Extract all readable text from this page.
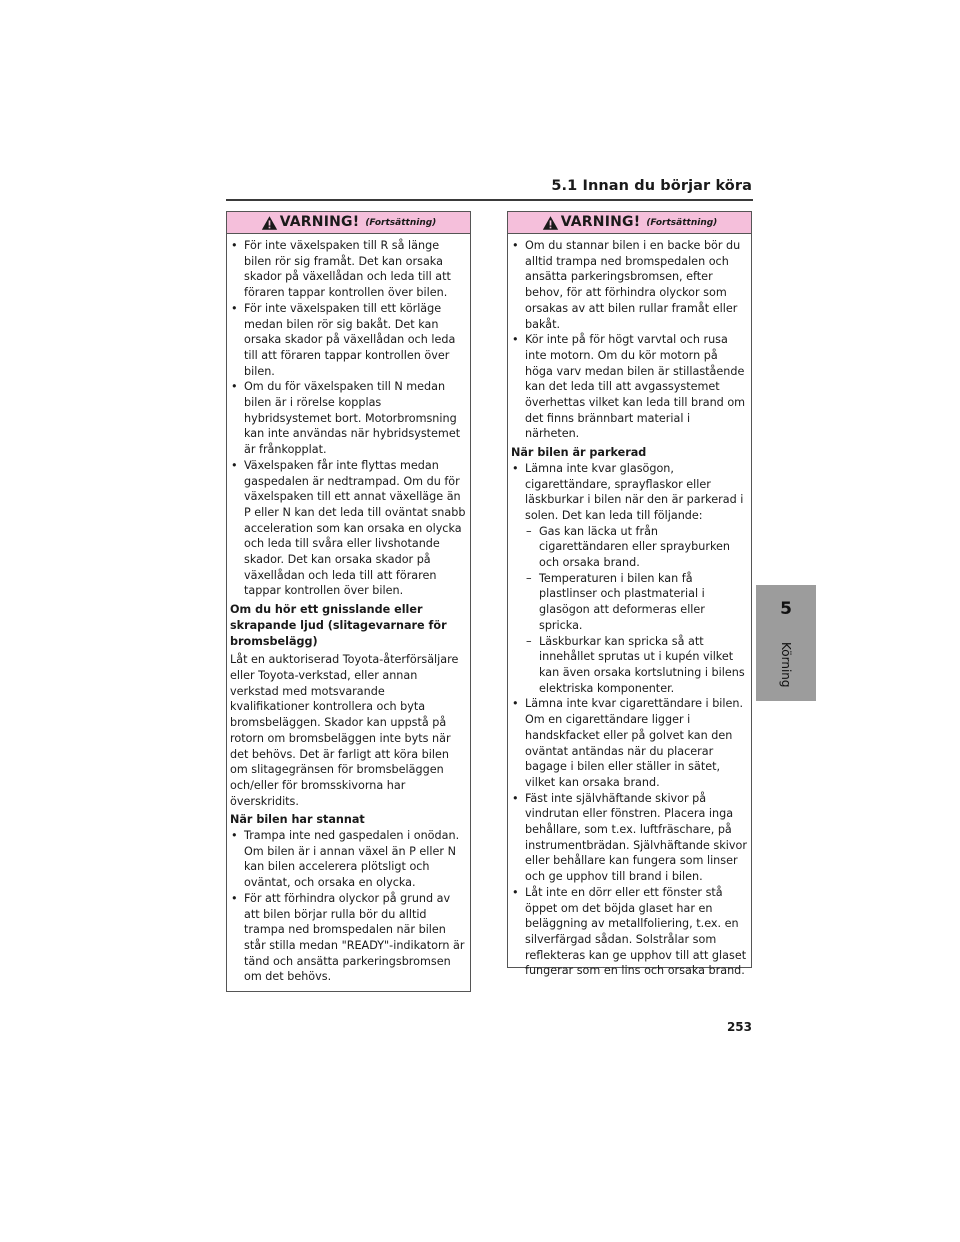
5.1 Innan du börjar köra
5
Körning
VARNING! (Fortsättning)
• För inte växelspaken till R så länge bilen rör sig framåt. Det kan orsaka skador på växellådan och leda till att föraren tappar kontrollen över bilen.
• För inte växelspaken till ett körläge medan bilen rör sig bakåt. Det kan orsaka skador på växellådan och leda till att föraren tappar kontrollen över bilen.
• Om du för växelspaken till N medan bilen är i rörelse kopplas hybridsystemet bort. Motorbromsning kan inte användas när hybridsystemet är frånkopplat.
• Växelspaken får inte flyttas medan gaspedalen är nedtrampad. Om du för växelspaken till ett annat växelläge än P eller N kan det leda till oväntat snabb acceleration som kan orsaka en olycka och leda till svåra eller livshotande skador. Det kan orsaka skador på växellådan och leda till att föraren tappar kontrollen över bilen.
Om du hör ett gnisslande eller skrapande ljud (slitagevarnare för bromsbelägg)
Låt en auktoriserad Toyota-återförsäljare eller Toyota-verkstad, eller annan verkstad med motsvarande kvalifikationer kontrollera och byta bromsbeläggen. Skador kan uppstå på rotorn om bromsbeläggen inte byts när det behövs. Det är farligt att köra bilen om slitagegränsen för bromsbeläggen och/eller för bromsskivorna har överskridits.
När bilen har stannat
• Trampa inte ned gaspedalen i onödan. Om bilen är i annan växel än P eller N kan bilen accelerera plötsligt och oväntat, och orsaka en olycka.
• För att förhindra olyckor på grund av att bilen börjar rulla bör du alltid trampa ned bromspedalen när bilen står stilla medan "READY"-indikatorn är tänd och ansätta parkeringsbromsen om det behövs.
VARNING! (Fortsättning)
• Om du stannar bilen i en backe bör du alltid trampa ned bromspedalen och ansätta parkeringsbromsen, efter behov, för att förhindra olyckor som orsakas av att bilen rullar framåt eller bakåt.
• Kör inte på för högt varvtal och rusa inte motorn. Om du kör motorn på höga varv medan bilen är stillastående kan det leda till att avgassystemet överhettas vilket kan leda till brand om det finns brännbart material i närheten.
När bilen är parkerad
• Lämna inte kvar glasögon, cigarettändare, sprayflaskor eller läskburkar i bilen när den är parkerad i solen. Det kan leda till följande:
– Gas kan läcka ut från cigarettändaren eller sprayburken och orsaka brand.
– Temperaturen i bilen kan få plastlinser och plastmaterial i glasögon att deformeras eller spricka.
– Läskburkar kan spricka så att innehållet sprutas ut i kupén vilket kan även orsaka kortslutning i bilens elektriska komponenter.
• Lämna inte kvar cigarettändare i bilen. Om en cigarettändare ligger i handskfacket eller på golvet kan den oväntat antändas när du placerar bagage i bilen eller ställer in sätet, vilket kan orsaka brand.
• Fäst inte självhäftande skivor på vindrutan eller fönstren. Placera inga behållare, som t.ex. luftfräschare, på instrumentbrädan. Självhäftande skivor eller behållare kan fungera som linser och ge upphov till brand i bilen.
• Låt inte en dörr eller ett fönster stå öppet om det böjda glaset har en beläggning av metallfoliering, t.ex. en silverfärgad sådan. Solstrålar som reflekteras kan ge upphov till att glaset fungerar som en lins och orsaka brand.
253
